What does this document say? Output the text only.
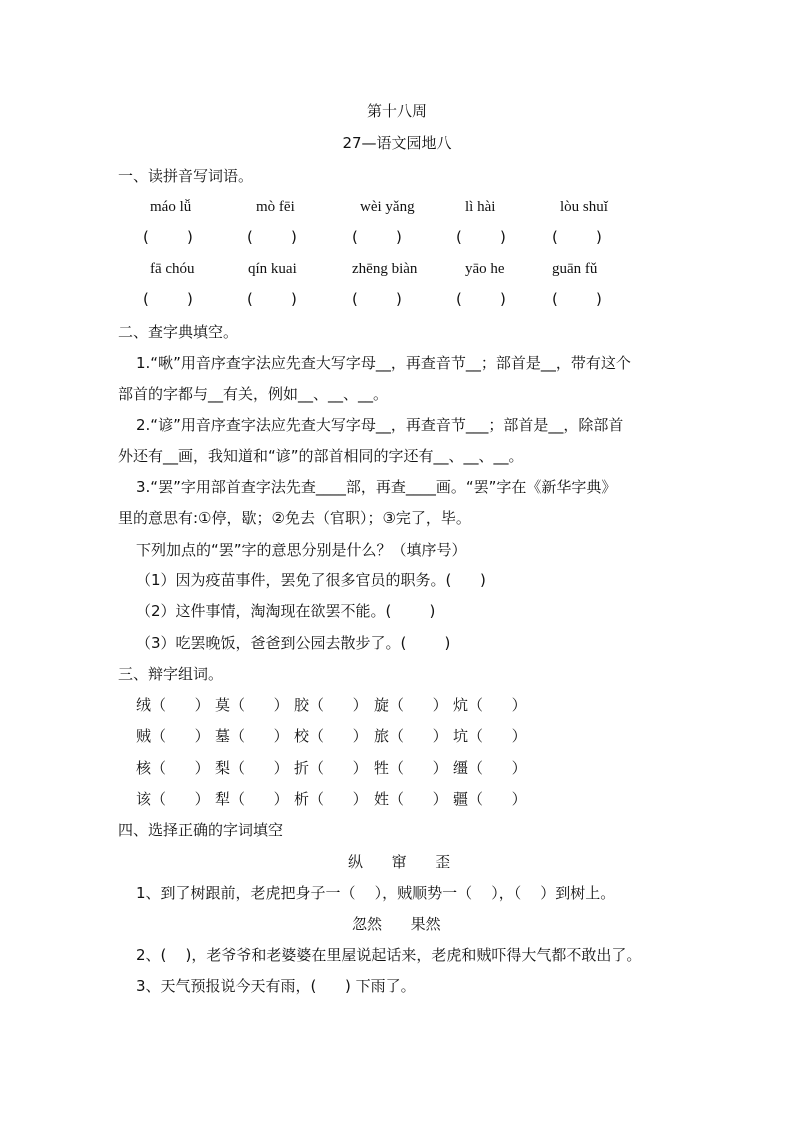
第十八周
27—语文园地八
一、读拼音写词语。
máo lǚ	mò fēi	wèi yǎng	lì hài	lòu shuǐ
(        )	(        )	(        )	(        )	(        )
fā chóu	qín kuai	zhēng biàn	yāo he	guān fǔ
(        )	(        )	(        )	(        )	(        )
二、查字典填空。
1.“啾”用音序查字法应先查大写字母__，再查音节__；部首是__，带有这个
部首的字都与__有关，例如__、__、__。
2.“谚”用音序查字法应先查大写字母__，再查音节___；部首是__，除部首
外还有__画，我知道和“谚”的部首相同的字还有__、__、__。
3.“罢”字用部首查字法先查____部，再查____画。“罢”字在《新华字典》
里的意思有:①停，歇；②免去（官职）；③完了，毕。
下列加点的“罢”字的意思分别是什么？（填序号）
（1）因为疫苗事件，罢免了很多官员的职务。(      )
（2）这件事情，淘淘现在欲罢不能。(        )
（3）吃罢晚饭，爸爸到公园去散步了。(        )
三、辩字组词。
绒 （      ） 莫 （      ） 胶 （      ） 旋 （      ） 炕 （      ）
贼 （      ） 墓 （      ） 校 （      ） 旅 （      ） 坑 （      ）
核 （      ） 梨 （      ） 折 （      ） 牲 （      ） 缰 （      ）
该 （      ） 犁 （      ） 析 （      ） 姓 （      ） 疆 （      ）
四、选择正确的字词填空
纵      窜      歪
1、到了树跟前，老虎把身子一（    ），贼顺势一（    ），（    ）到树上。
忽然      果然
2、(    )，老爷爷和老婆婆在里屋说起话来，老虎和贼吓得大气都不敢出了。
3、天气预报说今天有雨，(      ) 下雨了。
